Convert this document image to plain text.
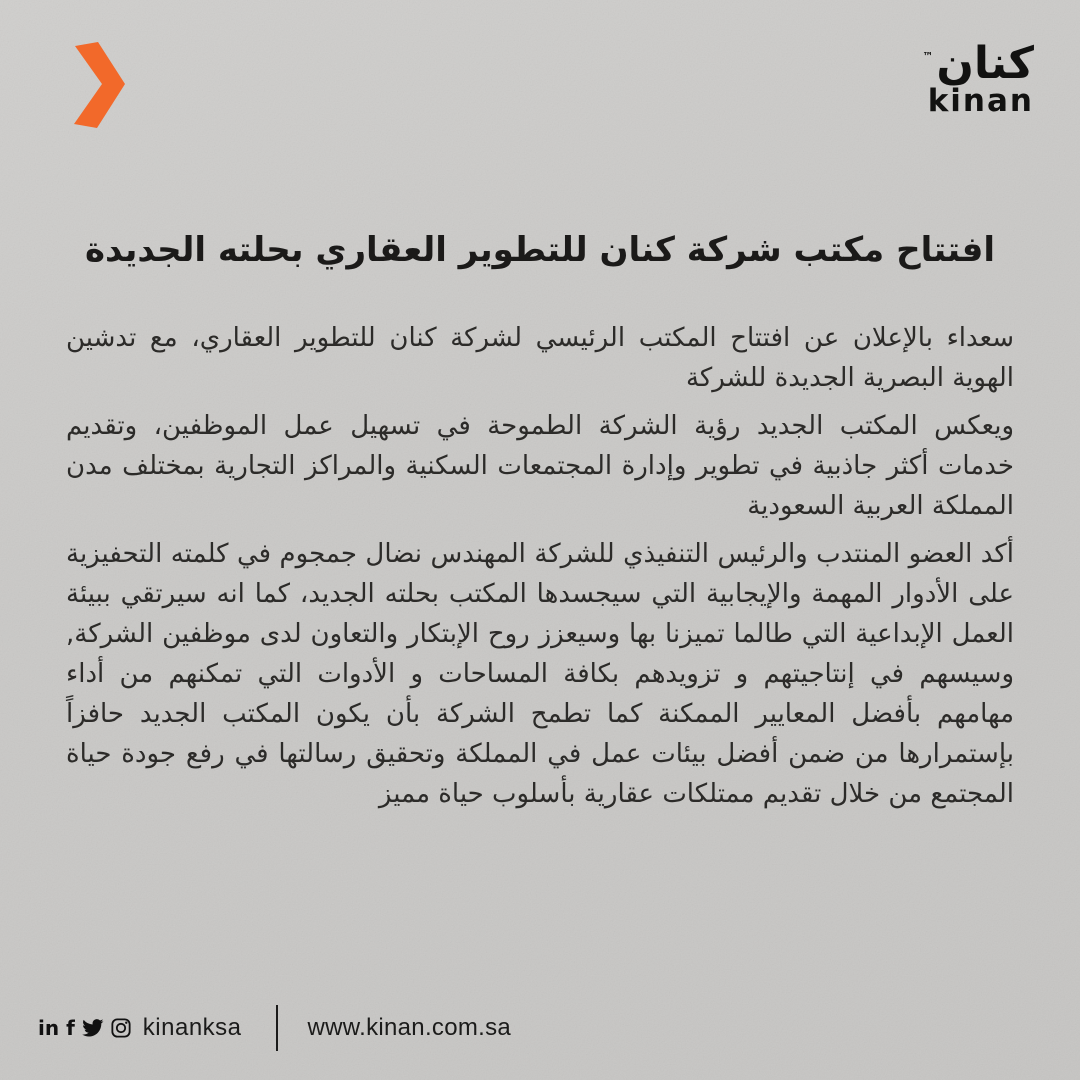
™كنان
kinan
افتتاح مكتب شركة كنان للتطوير العقاري بحلته الجديدة

سعداء بالإعلان عن افتتاح المكتب الرئيسي لشركة كنان للتطوير العقاري، مع تدشين الهوية البصرية الجديدة للشركة

ويعكس المكتب الجديد رؤية الشركة الطموحة في تسهيل عمل الموظفين، وتقديم خدمات أكثر جاذبية في تطوير وإدارة المجتمعات السكنية والمراكز التجارية بمختلف مدن المملكة العربية السعودية

أكد العضو المنتدب والرئيس التنفيذي للشركة المهندس نضال جمجوم في كلمته التحفيزية على الأدوار المهمة والإيجابية التي سيجسدها المكتب بحلته الجديد، كما انه سيرتقي ببيئة العمل الإبداعية التي طالما تميزنا بها وسيعزز روح الإبتكار والتعاون لدى موظفين الشركة, وسيسهم في إنتاجيتهم و تزويدهم بكافة المساحات و الأدوات التي تمكنهم من أداء مهامهم بأفضل المعايير الممكنة كما تطمح الشركة بأن يكون المكتب الجديد حافزاً بإستمرارها من ضمن أفضل بيئات عمل في المملكة وتحقيق رسالتها في رفع جودة حياة المجتمع من خلال تقديم ممتلكات عقارية بأسلوب حياة مميز

in f	kinanksa	www.kinan.com.sa
